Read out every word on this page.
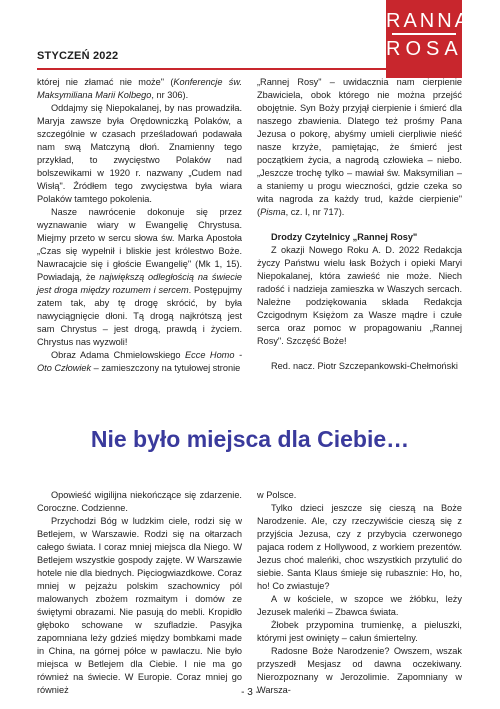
STYCZEŃ 2022
RANNA
ROSA

której nie złamać nie może" (Konferencje św. Maksymiliana Marii Kolbego, nr 306).

Oddajmy się Niepokalanej, by nas prowadziła. Maryja zawsze była Orędowniczką Polaków, a szczególnie w czasach prześladowań podawała nam swą Matczyną dłoń. Znamienny tego przykład, to zwycięstwo Polaków nad bolszewikami w 1920 r. nazwany „Cudem nad Wisłą". Źródłem tego zwycięstwa była wiara Polaków tamtego pokolenia.

Nasze nawrócenie dokonuje się przez wyznawanie wiary w Ewangelię Chrystusa. Miejmy przeto w sercu słowa św. Marka Apostoła „Czas się wypełnił i bliskie jest królestwo Boże. Nawracajcie się i głoście Ewangelię" (Mk 1, 15). Powiadają, że największą odległością na świecie jest droga między rozumem i sercem. Postępujmy zatem tak, aby tę drogę skrócić, by była nawyciągnięcie dłoni. Tą drogą najkrótszą jest sam Chrystus – jest drogą, prawdą i życiem. Chrystus nas wyzwoli!

Obraz Adama Chmielowskiego Ecce Homo - Oto Człowiek – zamieszczony na tytułowej stronie

„Rannej Rosy" – uwidacznia nam cierpienie Zbawiciela, obok którego nie można przejść obojętnie. Syn Boży przyjął cierpienie i śmierć dla naszego zbawienia. Dlatego też prośmy Pana Jezusa o pokorę, abyśmy umieli cierpliwie nieść nasze krzyże, pamiętając, że śmierć jest początkiem życia, a nagrodą człowieka – niebo. „Jeszcze trochę tylko – mawiał św. Maksymilian – a staniemy u progu wieczności, gdzie czeka so wita nagroda za każdy trud, każde cierpienie" (Pisma, cz. I, nr 717).

Drodzy Czytelnicy „Rannej Rosy"

Z okazji Nowego Roku A. D. 2022 Redakcja życzy Państwu wielu łask Bożych i opieki Maryi Niepokalanej, która zawieść nie może. Niech radość i nadzieja zamieszka w Waszych sercach. Należne podziękowania składa Redakcja Czcigodnym Księżom za Wasze mądre i czułe serca oraz pomoc w propagowaniu „Rannej Rosy". Szczęść Boże!

Red. nacz. Piotr Szczepankowski-Chełmoński

Nie było miejsca dla Ciebie…

Opowieść wigilijna niekończące się zdarzenie. Coroczne. Codzienne.

Przychodzi Bóg w ludzkim ciele, rodzi się w Betlejem, w Warszawie. Rodzi się na ołtarzach całego świata. I coraz mniej miejsca dla Niego. W Betlejem wszystkie gospody zajęte. W Warszawie hotele nie dla biednych. Pięciogwiazdkowe. Coraz mniej w pejzażu polskim szachownicy pól malowanych zbożem rozmaitym i domów ze świętymi obrazami. Nie pasują do mebli. Kropidło głęboko schowane w szufladzie. Pasyjka zapomniana leży gdzieś między bombkami made in China, na górnej półce w pawlaczu. Nie było miejsca w Betlejem dla Ciebie. I nie ma go również na świecie. W Europie. Coraz mniej go również

w Polsce.

Tylko dzieci jeszcze się cieszą na Boże Narodzenie. Ale, czy rzeczywiście cieszą się z przyjścia Jezusa, czy z przybycia czerwonego pajaca rodem z Hollywood, z workiem prezentów. Jezus choć maleńki, choc wszystkich przytulić do siebie. Santa Klaus śmieje się rubasznie: Ho, ho, ho! Co zwiastuje?

A w kościele, w szopce we żłóbku, leży Jezusek maleńki – Zbawca świata.

Żłobek przypomina trumienkę, a pieluszki, którymi jest owinięty – całun śmiertelny.

Radosne Boże Narodzenie? Owszem, wszak przyszedł Mesjasz od dawna oczekiwany. Nierozpoznany w Jerozolimie. Zapomniany w Warsza-

- 3 -
